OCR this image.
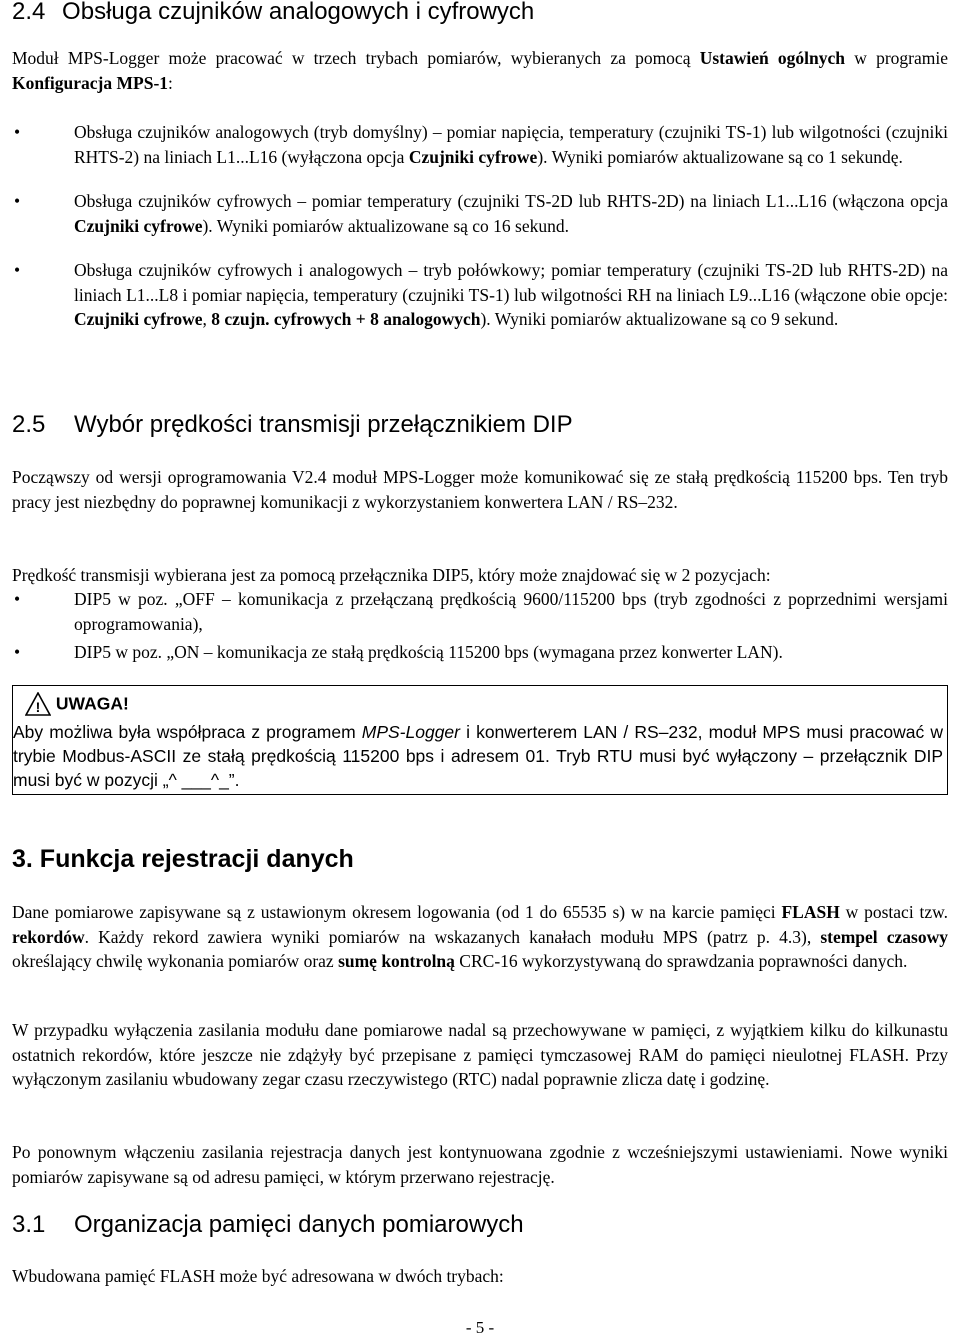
2.4 Obsługa czujników analogowych i cyfrowych

Moduł MPS-Logger może pracować w trzech trybach pomiarów, wybieranych za pomocą Ustawień ogólnych w programie Konfiguracja MPS-1:

•	Obsługa czujników analogowych (tryb domyślny) – pomiar napięcia, temperatury (czujniki TS-1) lub wilgotności (czujniki RHTS-2) na liniach L1...L16 (wyłączona opcja Czujniki cyfrowe). Wyniki pomiarów aktualizowane są co 1 sekundę.
•	Obsługa czujników cyfrowych – pomiar temperatury (czujniki TS-2D lub RHTS-2D) na liniach L1...L16 (włączona opcja Czujniki cyfrowe). Wyniki pomiarów aktualizowane są co 16 sekund.
•	Obsługa czujników cyfrowych i analogowych – tryb połówkowy; pomiar temperatury (czujniki TS-2D lub RHTS-2D) na liniach L1...L8 i pomiar napięcia, temperatury (czujniki TS-1) lub wilgotności RH na liniach L9...L16 (włączone obie opcje: Czujniki cyfrowe, 8 czujn. cyfrowych + 8 analogowych). Wyniki pomiarów aktualizowane są co 9 sekund.
2.5 Wybór prędkości transmisji przełącznikiem DIP

Począwszy od wersji oprogramowania V2.4 moduł MPS-Logger może komunikować się ze stałą prędkością 115200 bps. Ten tryb pracy jest niezbędny do poprawnej komunikacji z wykorzystaniem konwertera LAN / RS–232.

Prędkość transmisji wybierana jest za pomocą przełącznika DIP5, który może znajdować się w 2 pozycjach:

•	DIP5 w poz. „OFF – komunikacja z przełączaną prędkością 9600/115200 bps (tryb zgodności z poprzednimi wersjami oprogramowania),
•	DIP5 w poz. „ON – komunikacja ze stałą prędkością 115200 bps (wymagana przez konwerter LAN).
! UWAGA!
Aby możliwa była współpraca z programem MPS-Logger i konwerterem LAN / RS–232, moduł MPS musi pracować w trybie Modbus-ASCII ze stałą prędkością 115200 bps i adresem 01. Tryb RTU musi być wyłączony – przełącznik DIP musi być w pozycji „^ ___^_”.
3. Funkcja rejestracji danych

Dane pomiarowe zapisywane są z ustawionym okresem logowania (od 1 do 65535 s) w na karcie pamięci FLASH w postaci tzw. rekordów. Każdy rekord zawiera wyniki pomiarów na wskazanych kanałach modułu MPS (patrz p. 4.3), stempel czasowy określający chwilę wykonania pomiarów oraz sumę kontrolną CRC-16 wykorzystywaną do sprawdzania poprawności danych.

W przypadku wyłączenia zasilania modułu dane pomiarowe nadal są przechowywane w pamięci, z wyjątkiem kilku do kilkunastu ostatnich rekordów, które jeszcze nie zdążyły być przepisane z pamięci tymczasowej RAM do pamięci nieulotnej FLASH. Przy wyłączonym zasilaniu wbudowany zegar czasu rzeczywistego (RTC) nadal poprawnie zlicza datę i godzinę.

Po ponownym włączeniu zasilania rejestracja danych jest kontynuowana zgodnie z wcześniejszymi ustawieniami. Nowe wyniki pomiarów zapisywane są od adresu pamięci, w którym przerwano rejestrację.

3.1 Organizacja pamięci danych pomiarowych

Wbudowana pamięć FLASH może być adresowana w dwóch trybach:

- 5 -
